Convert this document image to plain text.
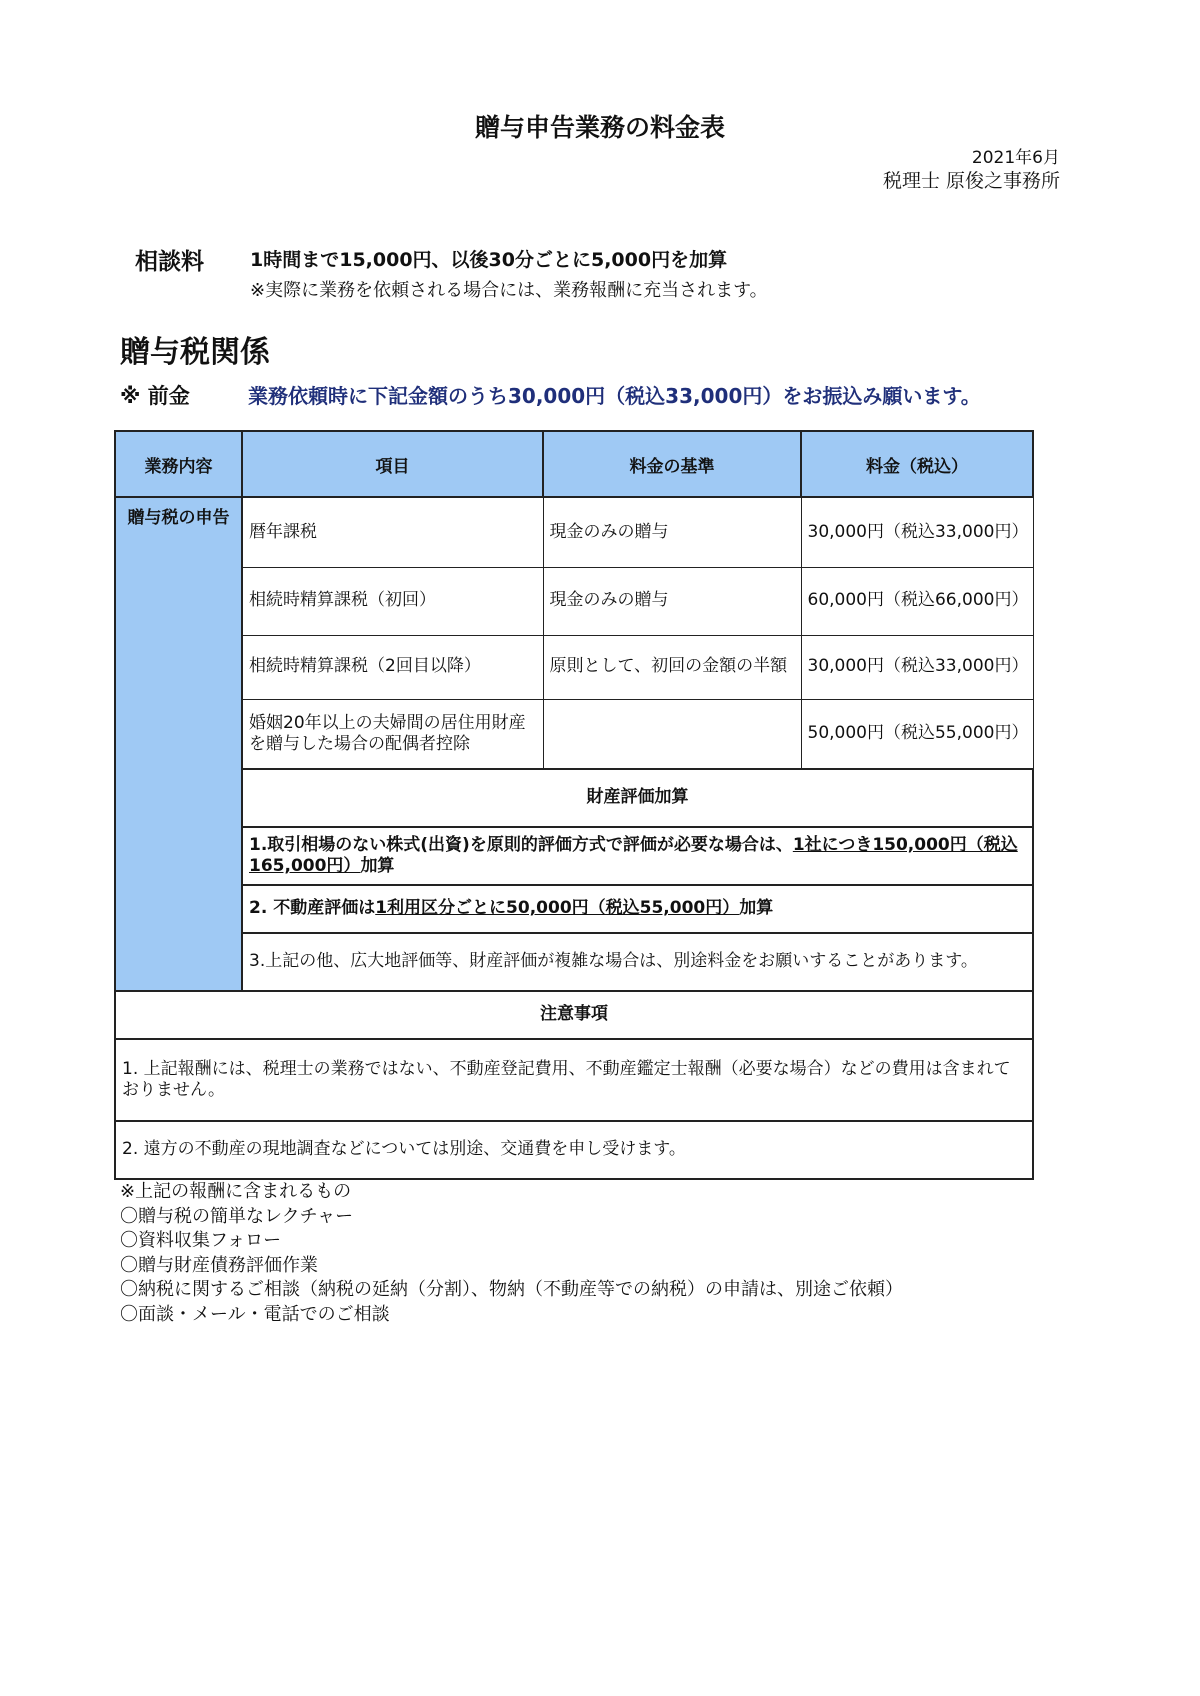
贈与申告業務の料金表
2021年6月
税理士 原俊之事務所
相談料 1時間まで15,000円、以後30分ごとに5,000円を加算
※実際に業務を依頼される場合には、業務報酬に充当されます。
贈与税関係
※ 前金	業務依頼時に下記金額のうち30,000円（税込33,000円）をお振込み願います。
業務内容	項目	料金の基準	料金（税込）
贈与税の申告	暦年課税	現金のみの贈与	30,000円（税込33,000円）
	相続時精算課税（初回）	現金のみの贈与	60,000円（税込66,000円）
	相続時精算課税（2回目以降）	原則として、初回の金額の半額	30,000円（税込33,000円）
	婚姻20年以上の夫婦間の居住用財産を贈与した場合の配偶者控除		50,000円（税込55,000円）
	財産評価加算		
	1.取引相場のない株式(出資)を原則的評価方式で評価が必要な場合は、1社につき150,000円（税込165,000円）加算		
	2. 不動産評価は1利用区分ごとに50,000円（税込55,000円）加算		
	3.上記の他、広大地評価等、財産評価が複雑な場合は、別途料金をお願いすることがあります。		
注意事項			
1. 上記報酬には、税理士の業務ではない、不動産登記費用、不動産鑑定士報酬（必要な場合）などの費用は含まれておりません。			
2. 遠方の不動産の現地調査などについては別途、交通費を申し受けます。			
※上記の報酬に含まれるもの
〇贈与税の簡単なレクチャー
〇資料収集フォロー
〇贈与財産債務評価作業
〇納税に関するご相談（納税の延納（分割）、物納（不動産等での納税）の申請は、別途ご依頼）
〇面談・メール・電話でのご相談
